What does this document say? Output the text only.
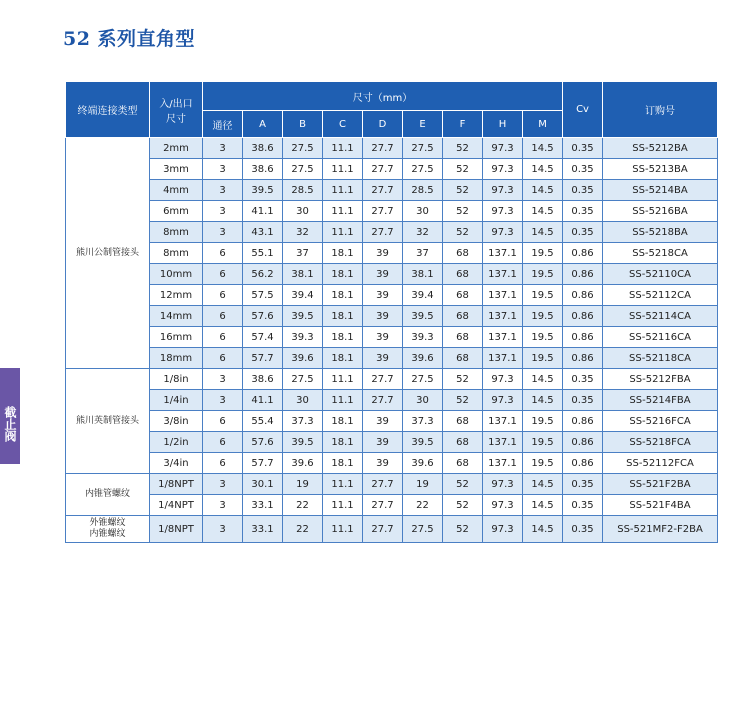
52 系列直角型
截止阀
终端连接类型	入/出口
尺寸	尺寸（mm）									Cv	订购号
		通径	A	B	C	D	E	F	H	M		
熊川公制管接头	2mm	3	38.6	27.5	11.1	27.7	27.5	52	97.3	14.5	0.35	SS-5212BA
	3mm	3	38.6	27.5	11.1	27.7	27.5	52	97.3	14.5	0.35	SS-5213BA
	4mm	3	39.5	28.5	11.1	27.7	28.5	52	97.3	14.5	0.35	SS-5214BA
	6mm	3	41.1	30	11.1	27.7	30	52	97.3	14.5	0.35	SS-5216BA
	8mm	3	43.1	32	11.1	27.7	32	52	97.3	14.5	0.35	SS-5218BA
	8mm	6	55.1	37	18.1	39	37	68	137.1	19.5	0.86	SS-5218CA
	10mm	6	56.2	38.1	18.1	39	38.1	68	137.1	19.5	0.86	SS-52110CA
	12mm	6	57.5	39.4	18.1	39	39.4	68	137.1	19.5	0.86	SS-52112CA
	14mm	6	57.6	39.5	18.1	39	39.5	68	137.1	19.5	0.86	SS-52114CA
	16mm	6	57.4	39.3	18.1	39	39.3	68	137.1	19.5	0.86	SS-52116CA
	18mm	6	57.7	39.6	18.1	39	39.6	68	137.1	19.5	0.86	SS-52118CA
熊川英制管接头	1/8in	3	38.6	27.5	11.1	27.7	27.5	52	97.3	14.5	0.35	SS-5212FBA
	1/4in	3	41.1	30	11.1	27.7	30	52	97.3	14.5	0.35	SS-5214FBA
	3/8in	6	55.4	37.3	18.1	39	37.3	68	137.1	19.5	0.86	SS-5216FCA
	1/2in	6	57.6	39.5	18.1	39	39.5	68	137.1	19.5	0.86	SS-5218FCA
	3/4in	6	57.7	39.6	18.1	39	39.6	68	137.1	19.5	0.86	SS-52112FCA
内锥管螺纹	1/8NPT	3	30.1	19	11.1	27.7	19	52	97.3	14.5	0.35	SS-521F2BA
	1/4NPT	3	33.1	22	11.1	27.7	22	52	97.3	14.5	0.35	SS-521F4BA

外锥螺纹
内锥螺纹	1/8NPT	3	33.1	22	11.1	27.7	27.5	52	97.3	14.5	0.35	SS-521MF2-F2BA
